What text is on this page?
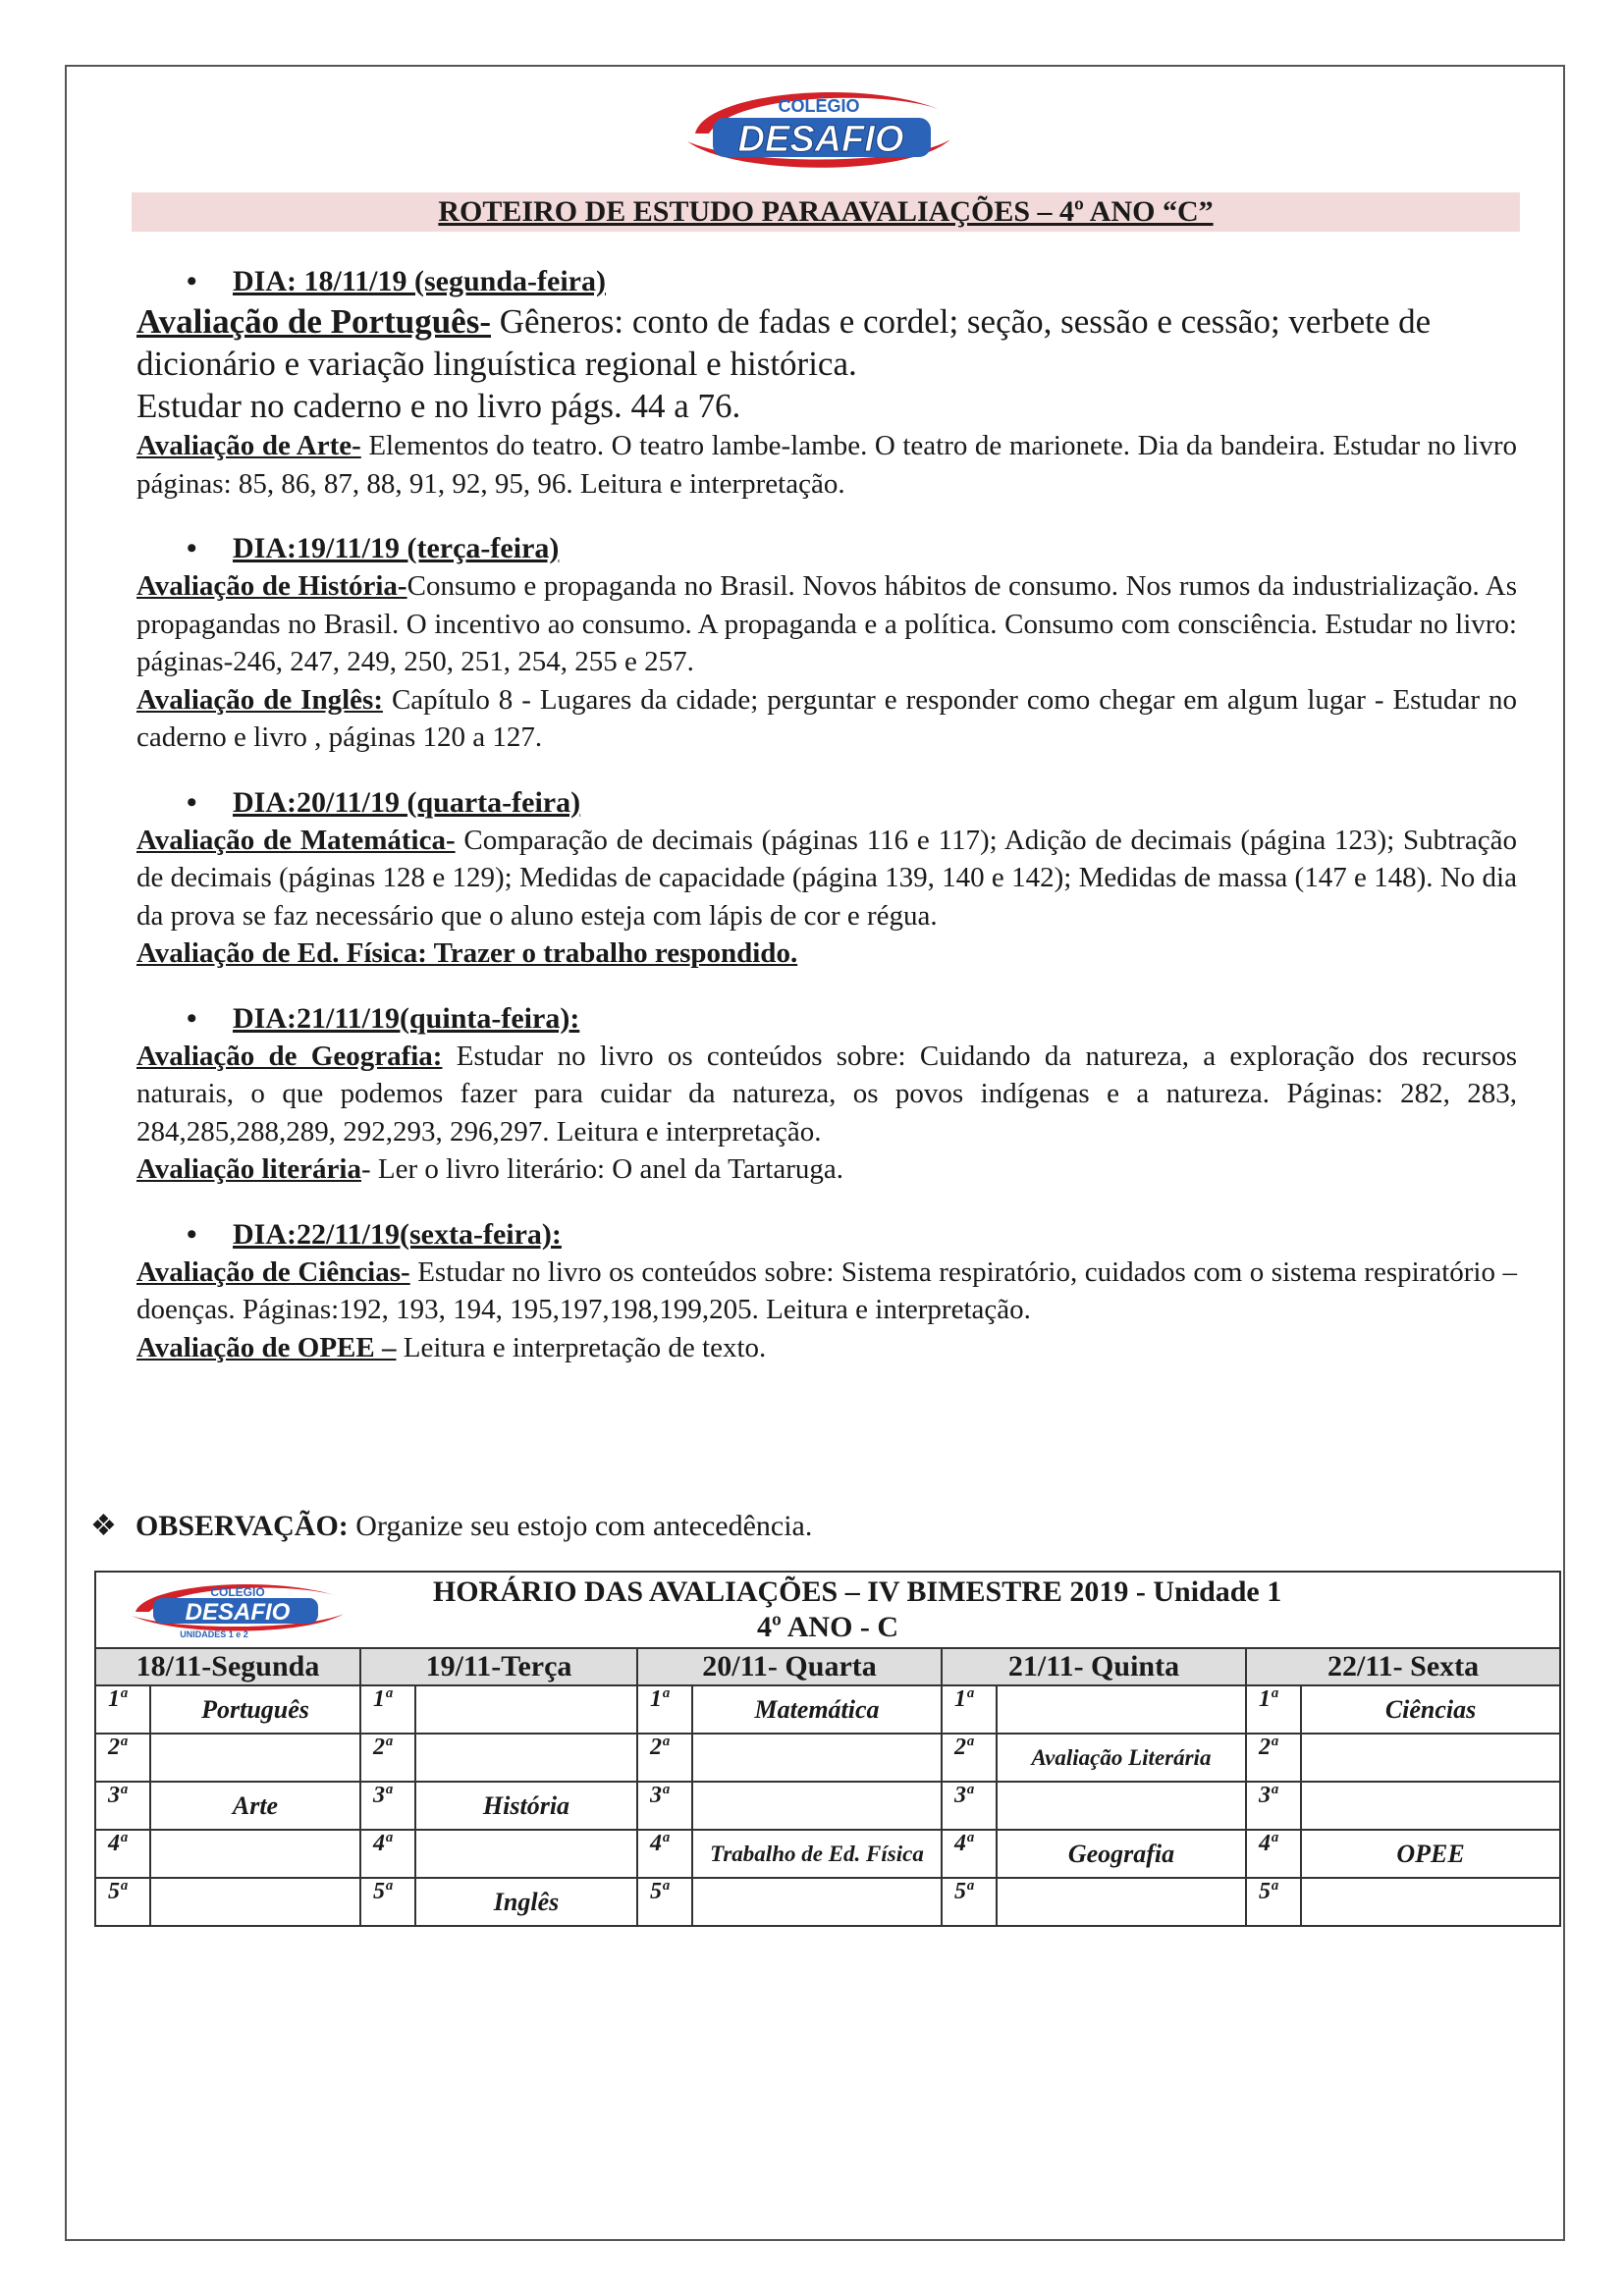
COLÉGIO
DESAFIO
ROTEIRO DE ESTUDO PARAAVALIAÇÕES – 4º ANO “C”
•	DIA: 18/11/19 (segunda-feira)

Avaliação de Português- Gêneros: conto de fadas e cordel; seção, sessão e cessão; verbete de dicionário e variação linguística regional e histórica.
Estudar no caderno e no livro págs. 44 a 76.

Avaliação de Arte- Elementos do teatro. O teatro lambe-lambe. O teatro de marionete. Dia da bandeira. Estudar no livro páginas: 85, 86, 87, 88, 91, 92, 95, 96. Leitura e interpretação.

•	DIA:19/11/19 (terça-feira)

Avaliação de História-Consumo e propaganda no Brasil. Novos hábitos de consumo. Nos rumos da industrialização. As propagandas no Brasil. O incentivo ao consumo. A propaganda e a política. Consumo com consciência. Estudar no livro: páginas-246, 247, 249, 250, 251, 254, 255 e 257.

Avaliação de Inglês: Capítulo 8 - Lugares da cidade; perguntar e responder como chegar em algum lugar - Estudar no caderno e livro , páginas 120 a 127.

•	DIA:20/11/19 (quarta-feira)

Avaliação de Matemática- Comparação de decimais (páginas 116 e 117); Adição de decimais (página 123); Subtração de decimais (páginas 128 e 129); Medidas de capacidade (página 139, 140 e 142); Medidas de massa (147 e 148). No dia da prova se faz necessário que o aluno esteja com lápis de cor e régua.

Avaliação de Ed. Física: Trazer o trabalho respondido.

•	DIA:21/11/19(quinta-feira):

Avaliação de Geografia: Estudar no livro os conteúdos sobre: Cuidando da natureza, a exploração dos recursos naturais, o que podemos fazer para cuidar da natureza, os povos indígenas e a natureza. Páginas: 282, 283, 284,285,288,289, 292,293, 296,297. Leitura e interpretação.

Avaliação literária- Ler o livro literário: O anel da Tartaruga.

•	DIA:22/11/19(sexta-feira):

Avaliação de Ciências- Estudar no livro os conteúdos sobre: Sistema respiratório, cuidados com o sistema respiratório – doenças. Páginas:192, 193, 194, 195,197,198,199,205. Leitura e interpretação.

Avaliação de OPEE – Leitura e interpretação de texto.

❖ OBSERVAÇÃO: Organize seu estojo com antecedência.
COLÉGIO
DESAFIO
UNIDADES 1 e 2
HORÁRIO DAS AVALIAÇÕES – IV BIMESTRE 2019 - Unidade 1
4º ANO - C									

18/11-Segunda		19/11-Terça		20/11- Quarta		21/11- Quinta		22/11- Sexta	
1ª	Português	1ª		1ª	Matemática	1ª		1ª	Ciências
2ª		2ª		2ª		2ª	Avaliação Literária	2ª	
3ª	Arte	3ª	História	3ª		3ª		3ª	
4ª		4ª		4ª	Trabalho de Ed. Física	4ª	Geografia	4ª	OPEE
5ª		5ª	Inglês	5ª		5ª		5ª	
